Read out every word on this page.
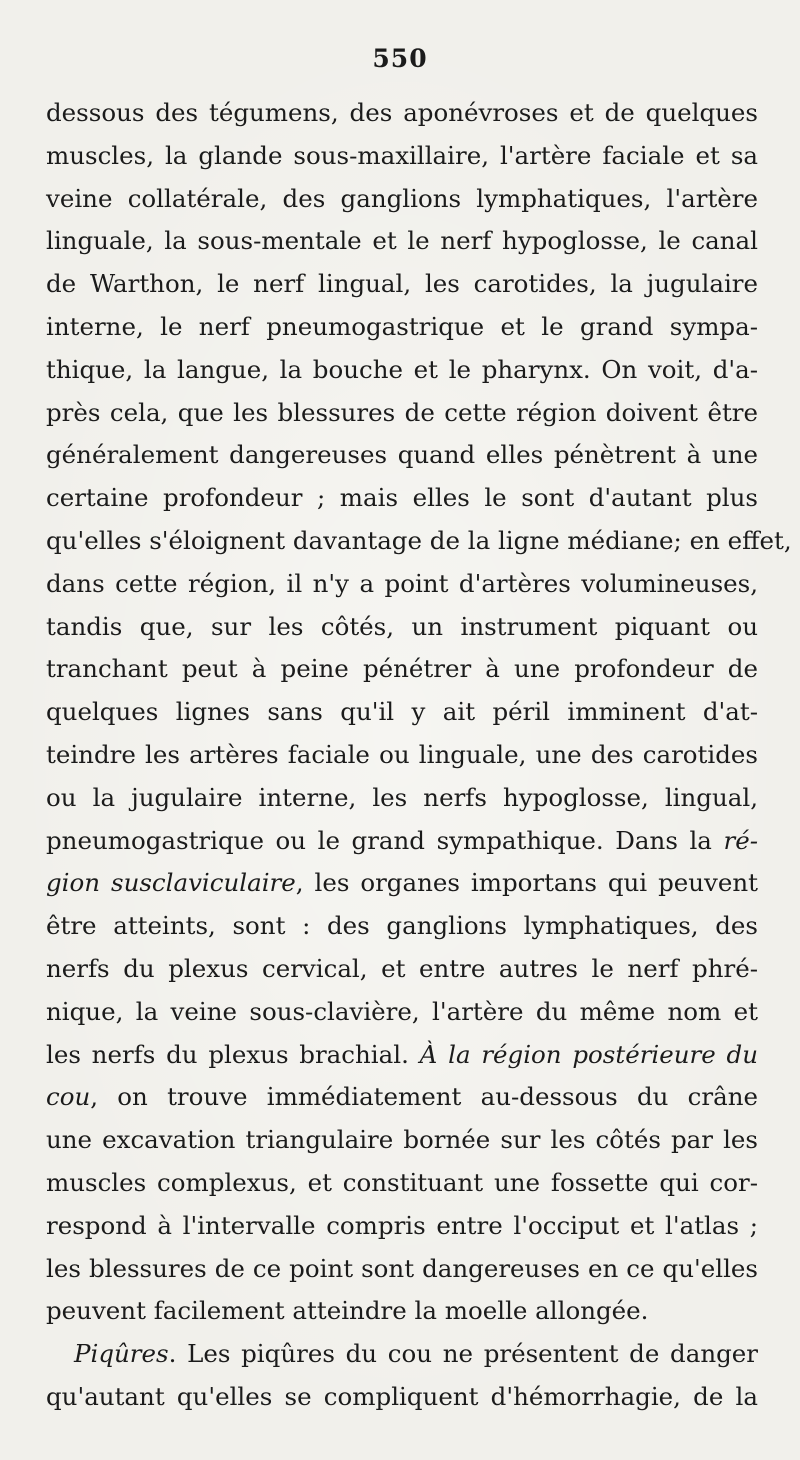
550
dessous des tégumens, des aponévroses et de quelques
muscles, la glande sous-maxillaire, l'artère faciale et sa
veine collatérale, des ganglions lymphatiques, l'artère
linguale, la sous-mentale et le nerf hypoglosse, le canal
de Warthon, le nerf lingual, les carotides, la jugulaire
interne, le nerf pneumogastrique et le grand sympa-
thique, la langue, la bouche et le pharynx. On voit, d'a-
près cela, que les blessures de cette région doivent être
généralement dangereuses quand elles pénètrent à une
certaine profondeur ; mais elles le sont d'autant plus
qu'elles s'éloignent davantage de la ligne médiane; en effet,
dans cette région, il n'y a point d'artères volumineuses,
tandis que, sur les côtés, un instrument piquant ou
tranchant peut à peine pénétrer à une profondeur de
quelques lignes sans qu'il y ait péril imminent d'at-
teindre les artères faciale ou linguale, une des carotides
ou la jugulaire interne, les nerfs hypoglosse, lingual,
pneumogastrique ou le grand sympathique. Dans la ré-
gion susclaviculaire, les organes importans qui peuvent
être atteints, sont : des ganglions lymphatiques, des
nerfs du plexus cervical, et entre autres le nerf phré-
nique, la veine sous-clavière, l'artère du même nom et
les nerfs du plexus brachial. À la région postérieure du
cou, on trouve immédiatement au-dessous du crâne
une excavation triangulaire bornée sur les côtés par les
muscles complexus, et constituant une fossette qui cor-
respond à l'intervalle compris entre l'occiput et l'atlas ;
les blessures de ce point sont dangereuses en ce qu'elles
peuvent facilement atteindre la moelle allongée.
Piqûres. Les piqûres du cou ne présentent de danger
qu'autant qu'elles se compliquent d'hémorrhagie, de la
